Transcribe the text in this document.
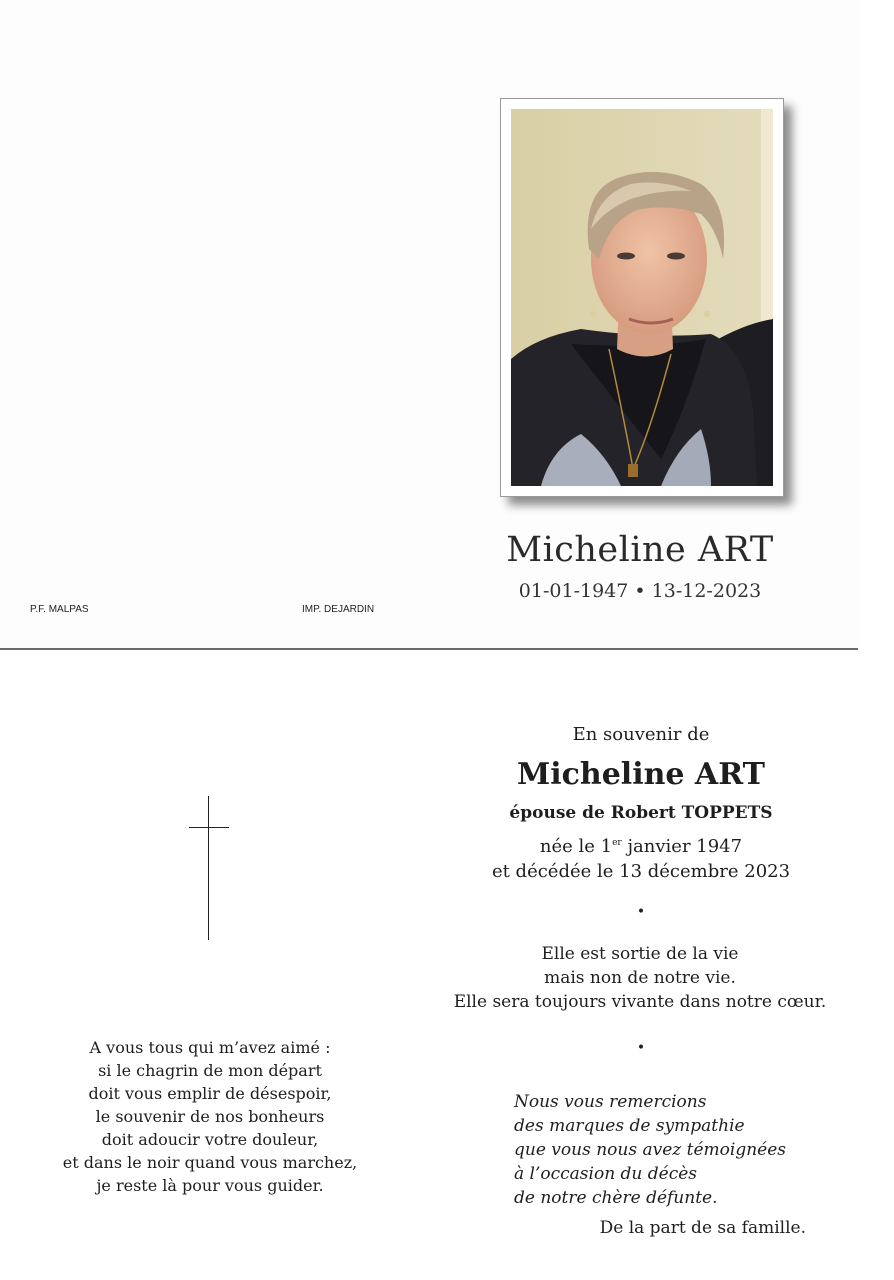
Micheline ART
01-01-1947 • 13-12-2023
P.F. MALPAS	IMP. DEJARDIN
En souvenir de
Micheline ART
épouse de Robert TOPPETS
née le 1er janvier 1947
et décédée le 13 décembre 2023
•
Elle est sortie de la vie
mais non de notre vie.
Elle sera toujours vivante dans notre cœur.
•
A vous tous qui m’avez aimé :
si le chagrin de mon départ
doit vous emplir de désespoir,
le souvenir de nos bonheurs
doit adoucir votre douleur,
et dans le noir quand vous marchez,
je reste là pour vous guider.
Nous vous remercions
des marques de sympathie
que vous nous avez témoignées
à l’occasion du décès
de notre chère défunte.
De la part de sa famille.
